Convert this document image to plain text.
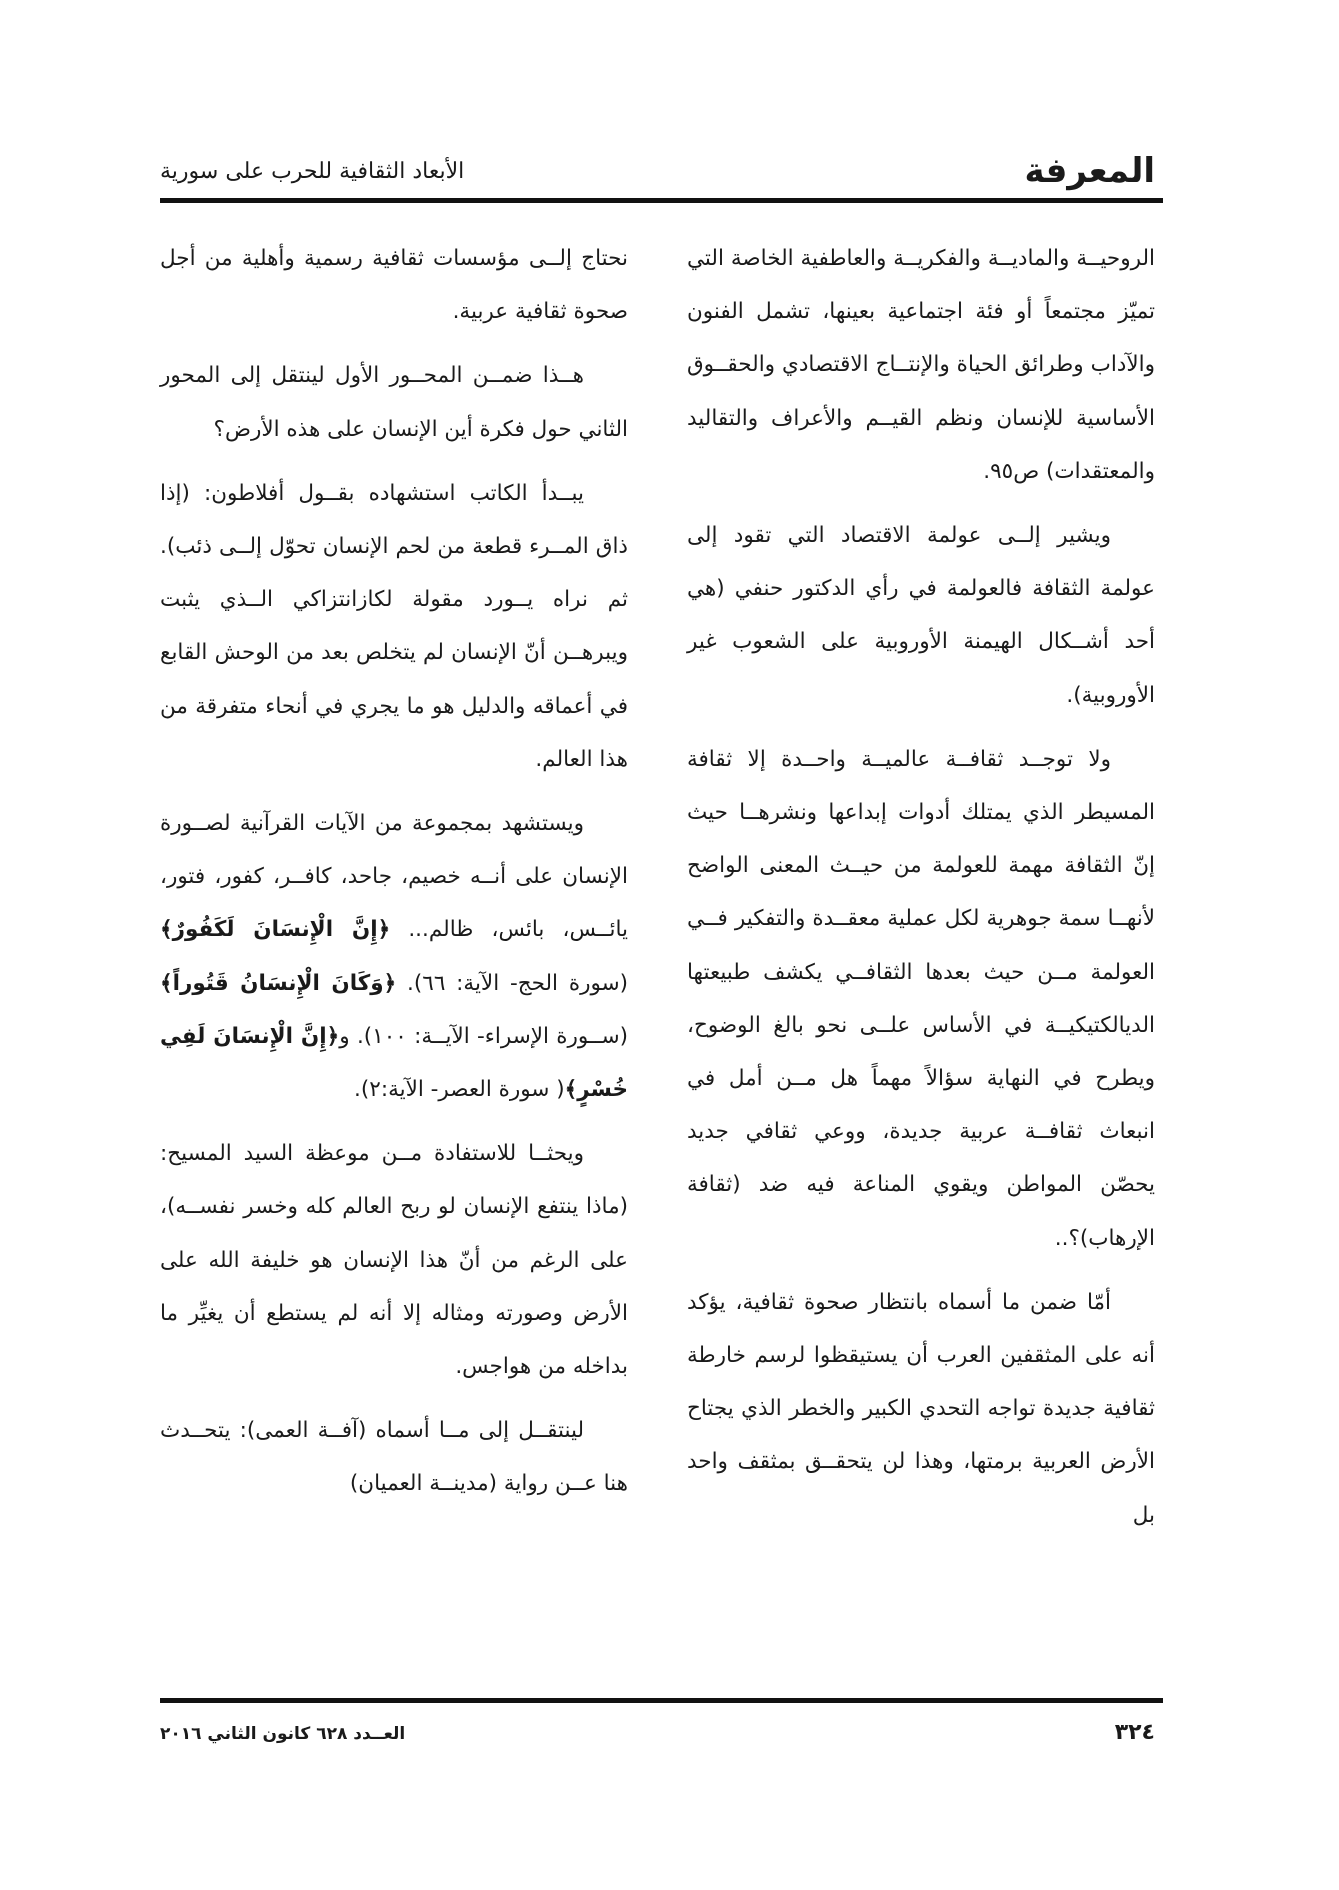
المعرفة
الأبعاد الثقافية للحرب على سورية

الروحيــة والماديــة والفكريــة والعاطفية الخاصة التي تميّز مجتمعاً أو فئة اجتماعية بعينها، تشمل الفنون والآداب وطرائق الحياة والإنتــاج الاقتصادي والحقــوق الأساسية للإنسان ونظم القيــم والأعراف والتقاليد والمعتقدات) ص٩٥.

ويشير إلــى عولمة الاقتصاد التي تقود إلى عولمة الثقافة فالعولمة في رأي الدكتور حنفي (هي أحد أشــكال الهيمنة الأوروبية على الشعوب غير الأوروبية).

ولا توجــد ثقافــة عالميــة واحــدة إلا ثقافة المسيطر الذي يمتلك أدوات إبداعها ونشرهــا حيث إنّ الثقافة مهمة للعولمة من حيــث المعنى الواضح لأنهــا سمة جوهرية لكل عملية معقــدة والتفكير فــي العولمة مــن حيث بعدها الثقافــي يكشف طبيعتها الديالكتيكيــة في الأساس علــى نحو بالغ الوضوح، ويطرح في النهاية سؤالاً مهماً هل مــن أمل في انبعاث ثقافــة عربية جديدة، ووعي ثقافي جديد يحصّن المواطن ويقوي المناعة فيه ضد (ثقافة الإرهاب)؟..

أمّا ضمن ما أسماه بانتظار صحوة ثقافية، يؤكد أنه على المثقفين العرب أن يستيقظوا لرسم خارطة ثقافية جديدة تواجه التحدي الكبير والخطر الذي يجتاح الأرض العربية برمتها، وهذا لن يتحقــق بمثقف واحد بل

نحتاج إلــى مؤسسات ثقافية رسمية وأهلية من أجل صحوة ثقافية عربية.

هــذا ضمــن المحــور الأول لينتقل إلى المحور الثاني حول فكرة أين الإنسان على هذه الأرض؟

يبــدأ الكاتب استشهاده بقــول أفلاطون: (إذا ذاق المــرء قطعة من لحم الإنسان تحوّل إلــى ذئب). ثم نراه يــورد مقولة لكازانتزاكي الــذي يثبت ويبرهــن أنّ الإنسان لم يتخلص بعد من الوحش القابع في أعماقه والدليل هو ما يجري في أنحاء متفرقة من هذا العالم.

ويستشهد بمجموعة من الآيات القرآنية لصــورة الإنسان على أنــه خصيم، جاحد، كافــر، كفور، فتور، يائــس، بائس، ظالم... ﴿إِنَّ الْإِنسَانَ لَكَفُورٌ﴾ (سورة الحج- الآية: ٦٦). ﴿وَكَانَ الْإِنسَانُ قَتُوراً﴾ (ســورة الإسراء- الآيــة: ١٠٠). و﴿إِنَّ الْإِنسَانَ لَفِي خُسْرٍ﴾( سورة العصر- الآية:٢).

ويحثــا للاستفادة مــن موعظة السيد المسيح: (ماذا ينتفع الإنسان لو ربح العالم كله وخسر نفســه)، على الرغم من أنّ هذا الإنسان هو خليفة الله على الأرض وصورته ومثاله إلا أنه لم يستطع أن يغيِّر ما بداخله من هواجس.

لينتقــل إلى مــا أسماه (آفــة العمى): يتحــدث هنا عــن رواية (مدينــة العميان)

العــدد ٦٢٨ كانون الثاني ٢٠١٦	٣٢٤
